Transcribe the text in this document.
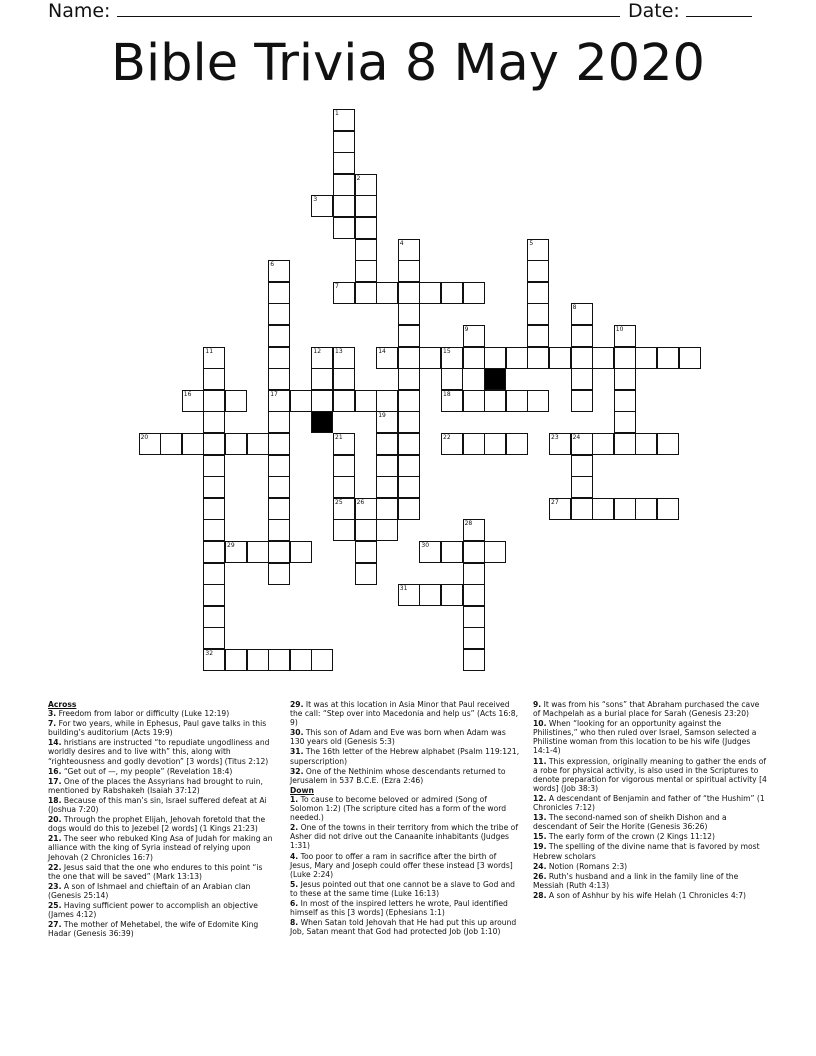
Name:	Date:
Bible Trivia 8 May 2020
1
2
3
4	5
6
17
7
8
9	10
11
32
12 13	14	15
16	18
19
20	21
25
22	23 24
26	27
28
29	30
31

Across

3. Freedom from labor or difficulty (Luke 12:19)

7. For two years, while in Ephesus, Paul gave talks in this building’s auditorium (Acts 19:9)

14. hristians are instructed “to repudiate ungodliness and worldly desires and to live with” this, along with “righteousness and godly devotion” [3 words] (Titus 2:12)

16. “Get out of —, my people” (Revelation 18:4)

17. One of the places the Assyrians had brought to ruin, mentioned by Rabshakeh (Isaiah 37:12)

18. Because of this man’s sin, Israel suffered defeat at Ai (Joshua 7:20)

20. Through the prophet Elijah, Jehovah foretold that the dogs would do this to Jezebel [2 words] (1 Kings 21:23)

21. The seer who rebuked King Asa of Judah for making an alliance with the king of Syria instead of relying upon Jehovah (2 Chronicles 16:7)

22. Jesus said that the one who endures to this point “is the one that will be saved” (Mark 13:13)

23. A son of Ishmael and chieftain of an Arabian clan (Genesis 25:14)

25. Having sufficient power to accomplish an objective (James 4:12)

27. The mother of Mehetabel, the wife of Edomite King Hadar (Genesis 36:39)

29. It was at this location in Asia Minor that Paul received the call: “Step over into Macedonia and help us” (Acts 16:8, 9)

30. This son of Adam and Eve was born when Adam was 130 years old (Genesis 5:3)

31. The 16th letter of the Hebrew alphabet (Psalm 119:121, superscription)

32. One of the Nethinim whose descendants returned to Jerusalem in 537 B.C.E. (Ezra 2:46)

Down

1. To cause to become beloved or admired (Song of Solomon 1:2) (The scripture cited has a form of the word needed.)

2. One of the towns in their territory from which the tribe of Asher did not drive out the Canaanite inhabitants (Judges 1:31)

4. Too poor to offer a ram in sacrifice after the birth of Jesus, Mary and Joseph could offer these instead [3 words] (Luke 2:24)

5. Jesus pointed out that one cannot be a slave to God and to these at the same time (Luke 16:13)

6. In most of the inspired letters he wrote, Paul identified himself as this [3 words] (Ephesians 1:1)

8. When Satan told Jehovah that He had put this up around Job, Satan meant that God had protected Job (Job 1:10)

9. It was from his “sons” that Abraham purchased the cave of Machpelah as a burial place for Sarah (Genesis 23:20)

10. When “looking for an opportunity against the Philistines,” who then ruled over Israel, Samson selected a Philistine woman from this location to be his wife (Judges 14:1-4)

11. This expression, originally meaning to gather the ends of a robe for physical activity, is also used in the Scriptures to denote preparation for vigorous mental or spiritual activity [4 words] (Job 38:3)

12. A descendant of Benjamin and father of “the Hushim” (1 Chronicles 7:12)

13. The second-named son of sheikh Dishon and a descendant of Seir the Horite (Genesis 36:26)

15. The early form of the crown (2 Kings 11:12)

19. The spelling of the divine name that is favored by most Hebrew scholars

24. Notion (Romans 2:3)

26. Ruth’s husband and a link in the family line of the Messiah (Ruth 4:13)

28. A son of Ashhur by his wife Helah (1 Chronicles 4:7)
